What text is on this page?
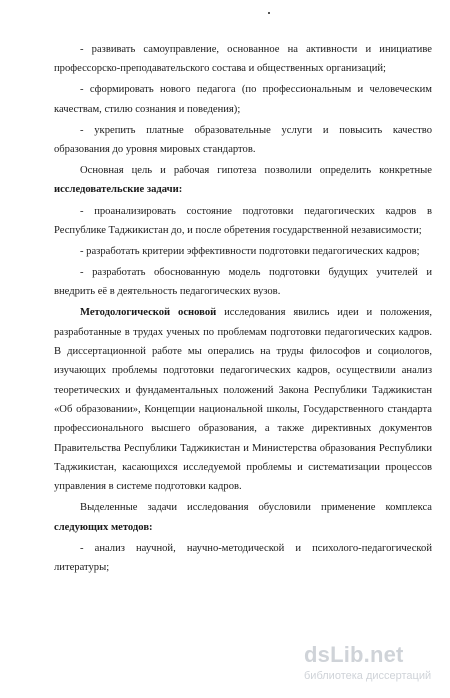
- развивать самоуправление, основанное на активности и инициативе профессорско-преподавательского состава и общественных организаций;

- сформировать нового педагога (по профессиональным и человеческим качествам, стилю сознания и поведения);

- укрепить платные образовательные услуги и повысить качество образования до уровня мировых стандартов.

Основная цель и рабочая гипотеза позволили определить конкретные исследовательские задачи:

- проанализировать состояние подготовки педагогических кадров в Республике Таджикистан до, и после обретения государственной независимости;

- разработать критерии эффективности подготовки педагогических кадров;

- разработать обоснованную модель подготовки будущих учителей и внедрить её в деятельность педагогических вузов.

Методологической основой исследования явились идеи и положения, разработанные в трудах ученых по проблемам подготовки педагогических кадров. В диссертационной работе мы оперались на труды философов и социологов, изучающих проблемы подготовки педагогических кадров, осуществили анализ теоретических и фундаментальных положений Закона Республики Таджикистан «Об образовании», Концепции национальной школы, Государственного стандарта профессионального высшего образования, а также директивных документов Правительства Республики Таджикистан и Министерства образования Республики Таджикистан, касающихся исследуемой проблемы и систематизации процессов управления в системе подготовки кадров.

Выделенные задачи исследования обусловили применение комплекса следующих методов:

- анализ научной, научно-методической и психолого-педагогической литературы;

dsLib.net
библиотека диссертаций
